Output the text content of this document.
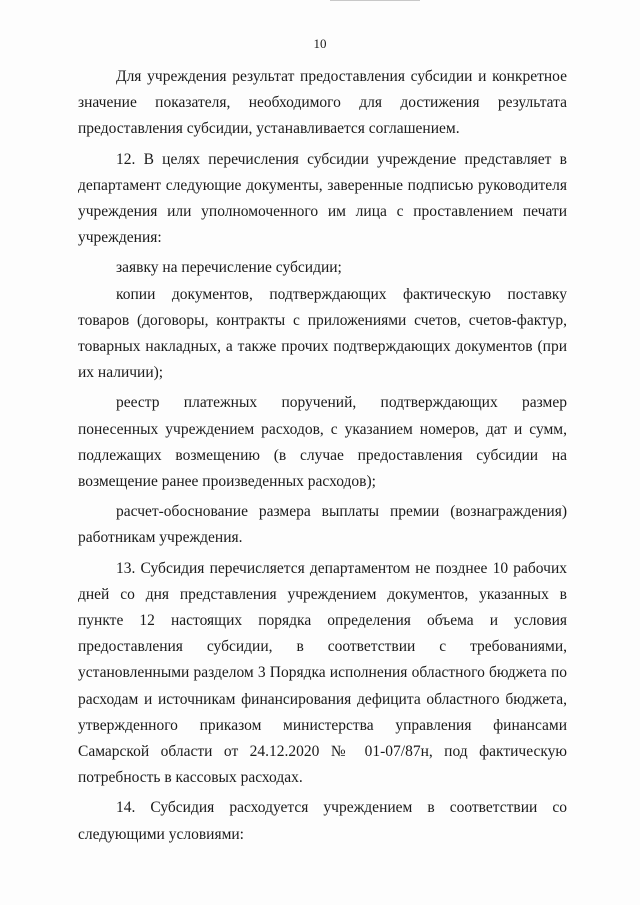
10

Для учреждения результат предоставления субсидии и конкретное значение показателя, необходимого для достижения результата предоставления субсидии, устанавливается соглашением.

12. В целях перечисления субсидии учреждение представляет в департамент следующие документы, заверенные подписью руководителя учреждения или уполномоченного им лица с проставлением печати учреждения:

заявку на перечисление субсидии;

копии документов, подтверждающих фактическую поставку товаров (договоры, контракты с приложениями счетов, счетов-фактур, товарных накладных, а также прочих подтверждающих документов (при их наличии);

реестр платежных поручений, подтверждающих размер понесенных учреждением расходов, с указанием номеров, дат и сумм, подлежащих возмещению (в случае предоставления субсидии на возмещение ранее произведенных расходов);

расчет-обоснование размера выплаты премии (вознаграждения) работникам учреждения.

13. Субсидия перечисляется департаментом не позднее 10 рабочих дней со дня представления учреждением документов, указанных в пункте 12 настоящих порядка определения объема и условия предоставления субсидии, в соответствии с требованиями, установленными разделом 3 Порядка исполнения областного бюджета по расходам и источникам финансирования дефицита областного бюджета, утвержденного приказом министерства управления финансами Самарской области от 24.12.2020 № 01-07/87н, под фактическую потребность в кассовых расходах.

14. Субсидия расходуется учреждением в соответствии со следующими условиями:
